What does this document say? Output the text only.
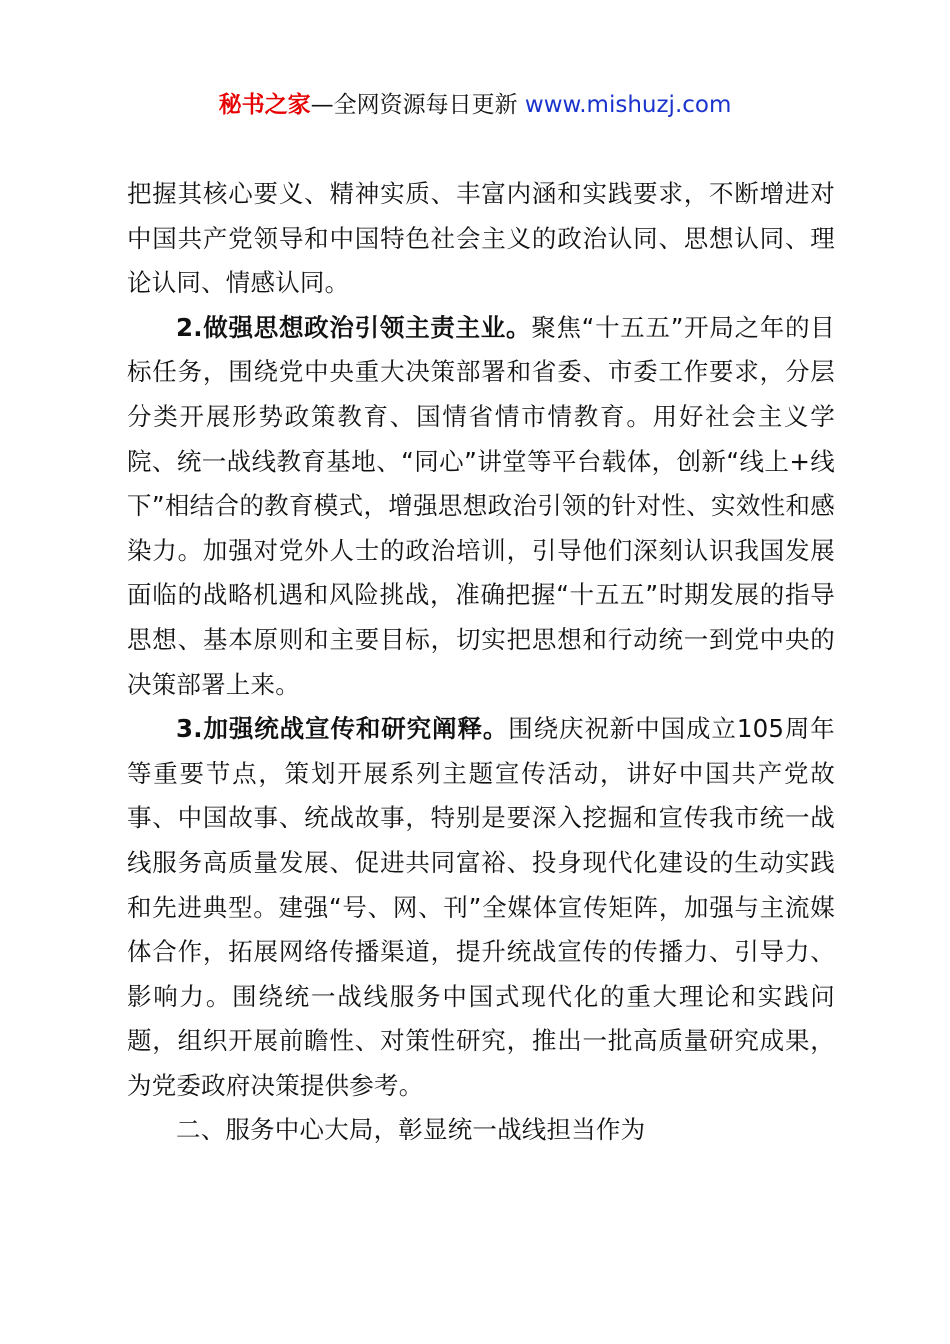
秘书之家—全网资源每日更新 www.mishuzj.com

把握其核心要义、精神实质、丰富内涵和实践要求，不断增进对中国共产党领导和中国特色社会主义的政治认同、思想认同、理论认同、情感认同。

2.做强思想政治引领主责主业。聚焦“十五五”开局之年的目标任务，围绕党中央重大决策部署和省委、市委工作要求，分层分类开展形势政策教育、国情省情市情教育。用好社会主义学院、统一战线教育基地、“同心”讲堂等平台载体，创新“线上+线下”相结合的教育模式，增强思想政治引领的针对性、实效性和感染力。加强对党外人士的政治培训，引导他们深刻认识我国发展面临的战略机遇和风险挑战，准确把握“十五五”时期发展的指导思想、基本原则和主要目标，切实把思想和行动统一到党中央的决策部署上来。

3.加强统战宣传和研究阐释。围绕庆祝新中国成立105周年等重要节点，策划开展系列主题宣传活动，讲好中国共产党故事、中国故事、统战故事，特别是要深入挖掘和宣传我市统一战线服务高质量发展、促进共同富裕、投身现代化建设的生动实践和先进典型。建强“号、网、刊”全媒体宣传矩阵，加强与主流媒体合作，拓展网络传播渠道，提升统战宣传的传播力、引导力、影响力。围绕统一战线服务中国式现代化的重大理论和实践问题，组织开展前瞻性、对策性研究，推出一批高质量研究成果，为党委政府决策提供参考。

二、服务中心大局，彰显统一战线担当作为
